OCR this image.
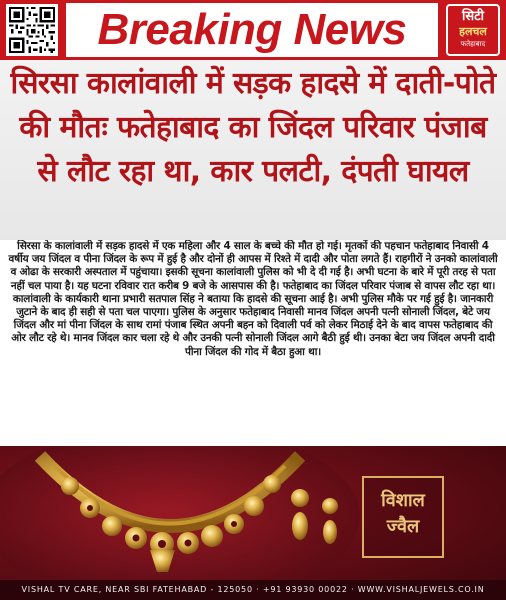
Breaking News	सिटी
हलचल
फतेहाबाद
सिरसा कालांवाली में सड़क हादसे में दाती-पोते की मौतः फतेहाबाद का जिंदल परिवार पंजाब से लौट रहा था, कार पलटी, दंपती घायल

सिरसा के कालांवाली में सड़क हादसे में एक महिला और 4 साल के बच्चे की मौत हो गई। मृतकों की पहचान फतेहाबाद निवासी 4 वर्षीय जय जिंदल व पीना जिंदल के रूप में हुई है और दोनों ही आपस में रिश्ते में दादी और पोता लगते हैं। राहगीरों ने उनको कालांवाली व ओढा के सरकारी अस्पताल में पहुंचाया। इसकी सूचना कालांवाली पुलिस को भी दे दी गई है। अभी घटना के बारे में पूरी तरह से पता नहीं चल पाया है। यह घटना रविवार रात करीब 9 बजे के आसपास की है। फतेहाबाद का जिंदल परिवार पंजाब से वापस लौट रहा था। कालांवाली के कार्यकारी थाना प्रभारी सतपाल सिंह ने बताया कि हादसे की सूचना आई है। अभी पुलिस मौके पर गई हुई है। जानकारी जुटाने के बाद ही सही से पता चल पाएगा। पुलिस के अनुसार फतेहाबाद निवासी मानव जिंदल अपनी पत्नी सोनाली जिंदल, बेटे जय जिंदल और मां पीना जिंदल के साथ रामां पंजाब स्थित अपनी बहन को दिवाली पर्व को लेकर मिठाई देने के बाद वापस फतेहाबाद की ओर लौट रहे थे। मानव जिंदल कार चला रहे थे और उनकी पत्नी सोनाली जिंदल आगे बैठी हुई थी। उनका बेटा जय जिंदल अपनी दादी पीना जिंदल की गोद में बैठा हुआ था।

विशाल
ज्वैल
VISHAL TV CARE, NEAR SBI FATEHABAD - 125050 · +91 93930 00022 · WWW.VISHALJEWELS.CO.IN
